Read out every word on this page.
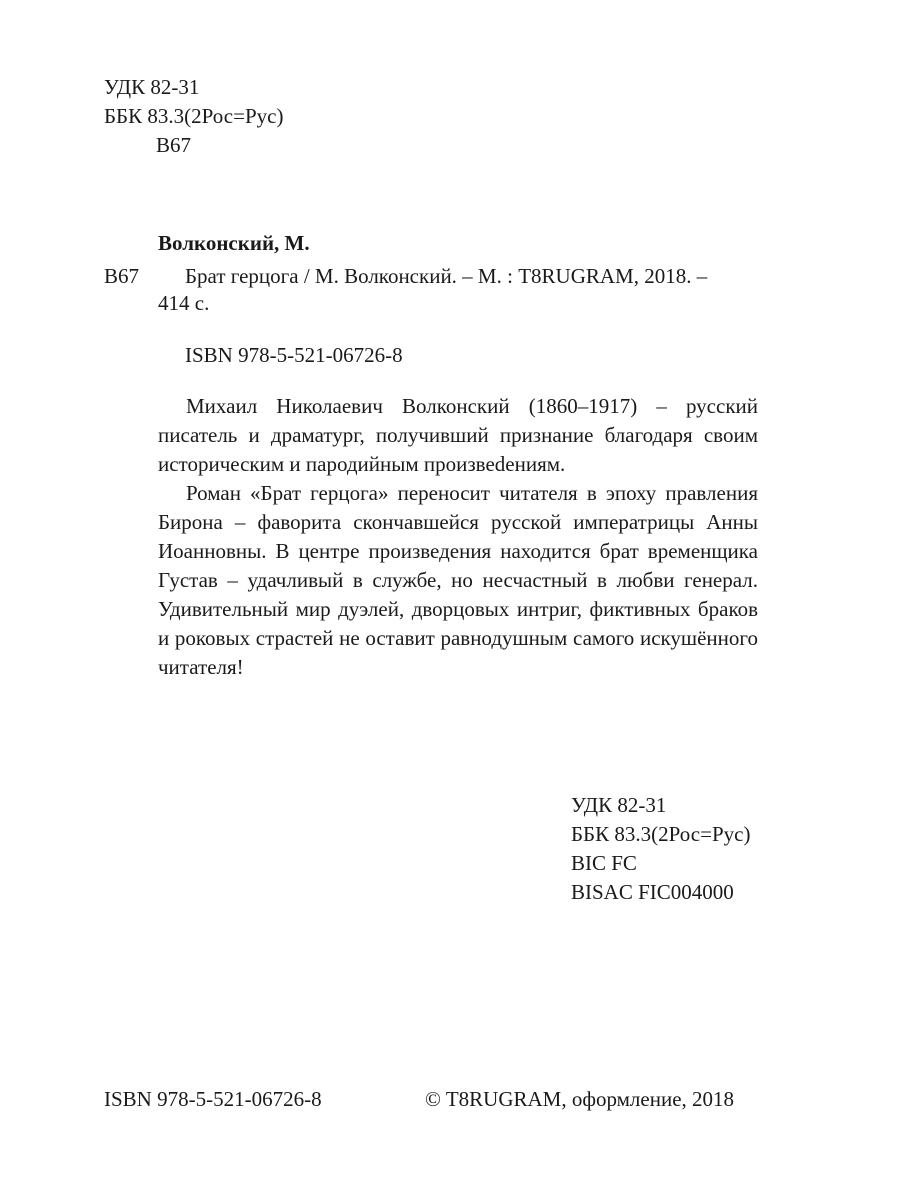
УДК 82-31
ББК 83.3(2Рос=Рус)
В67
Волконский, М.
В67 Брат герцога / М. Волконский. – М. : T8RUGRAM, 2018. –
414 с.
ISBN 978-5-521-06726-8

Михаил Николаевич Волконский (1860–1917) – русский писатель и драматург, получивший признание благодаря своим историческим и пародийным произвеdениям.

Роман «Брат герцога» переносит читателя в эпоху правления Бирона – фаворита скончавшейся русской императрицы Анны Иоанновны. В центре произведения находится брат временщика Густав – удачливый в службе, но несчастный в любви генерал. Удивительный мир дуэлей, дворцовых интриг, фиктивных браков и роковых страстей не оставит равнодушным самого искушённого читателя!

УДК 82-31
ББК 83.3(2Рос=Рус)
BIC FC
BISAC FIC004000
ISBN 978-5-521-06726-8	© T8RUGRAM, оформление, 2018
